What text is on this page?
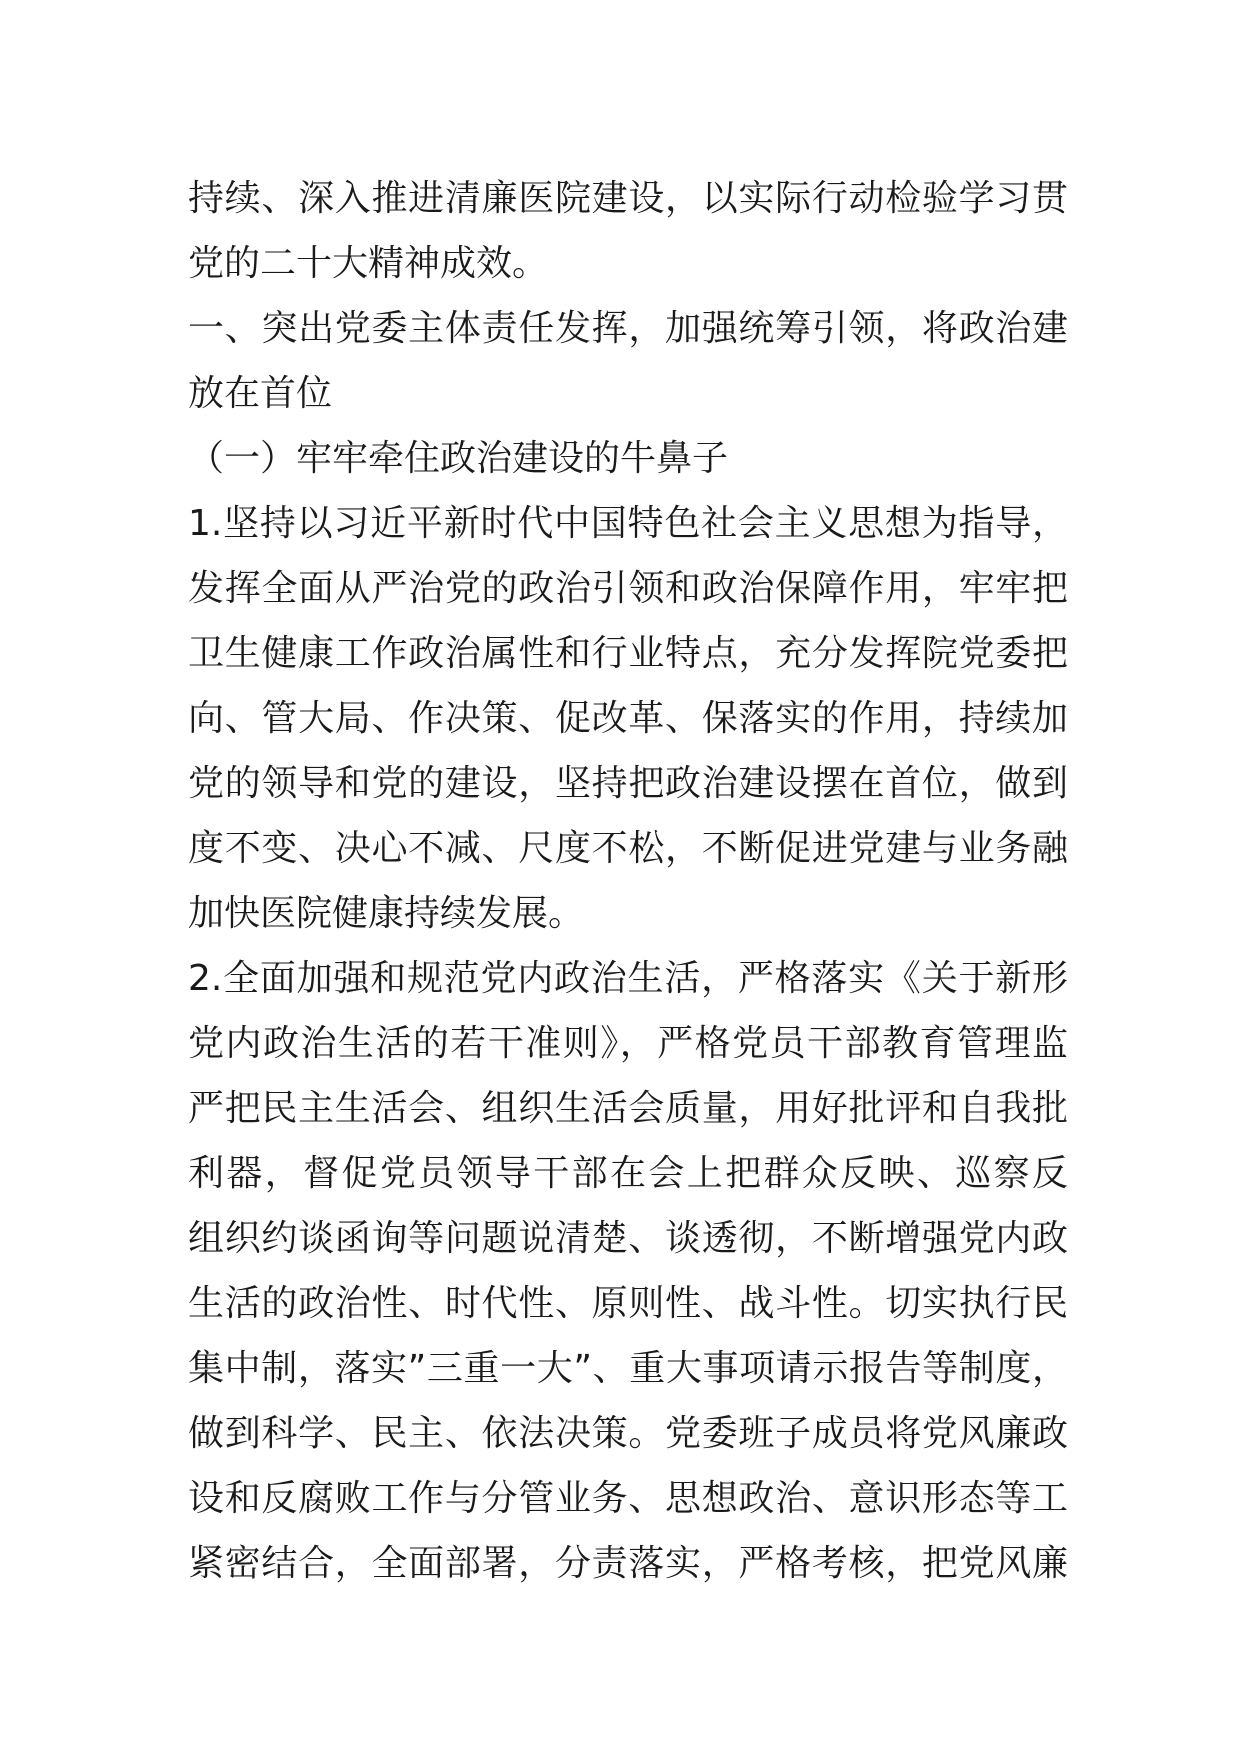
持续、深入推进清廉医院建设，以实际行动检验学习贯
党的二十大精神成效。
一、突出党委主体责任发挥，加强统筹引领，将政治建
放在首位
（一）牢牢牵住政治建设的牛鼻子
1.坚持以习近平新时代中国特色社会主义思想为指导，
发挥全面从严治党的政治引领和政治保障作用，牢牢把
卫生健康工作政治属性和行业特点，充分发挥院党委把
向、管大局、作决策、促改革、保落实的作用，持续加
党的领导和党的建设，坚持把政治建设摆在首位，做到
度不变、决心不减、尺度不松，不断促进党建与业务融
加快医院健康持续发展。
2.全面加强和规范党内政治生活，严格落实《关于新形
党内政治生活的若干准则》，严格党员干部教育管理监
严把民主生活会、组织生活会质量，用好批评和自我批
利器，督促党员领导干部在会上把群众反映、巡察反
组织约谈函询等问题说清楚、谈透彻，不断增强党内政
生活的政治性、时代性、原则性、战斗性。切实执行民
集中制，落实”三重一大”、重大事项请示报告等制度，
做到科学、民主、依法决策。党委班子成员将党风廉政
设和反腐败工作与分管业务、思想政治、意识形态等工
紧密结合，全面部署，分责落实，严格考核，把党风廉
